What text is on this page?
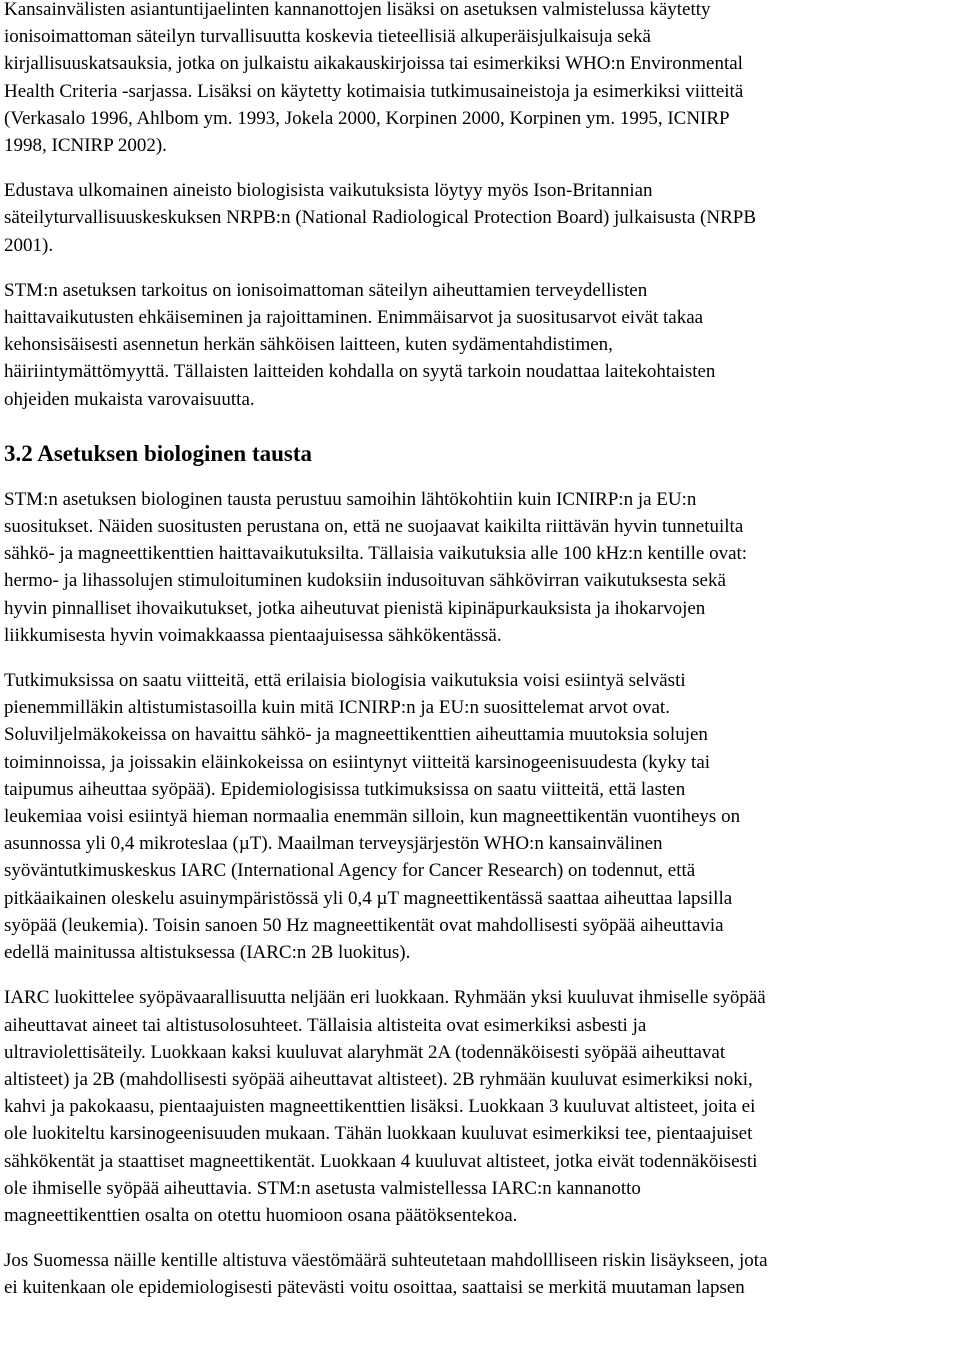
Kansainvälisten asiantuntijaelinten kannanottojen lisäksi on asetuksen valmistelussa käytetty
ionisoimattoman säteilyn turvallisuutta koskevia tieteellisiä alkuperäisjulkaisuja sekä
kirjallisuuskatsauksia, jotka on julkaistu aikakauskirjoissa tai esimerkiksi WHO:n Environmental
Health Criteria -sarjassa. Lisäksi on käytetty kotimaisia tutkimusaineistoja ja esimerkiksi viitteitä
(Verkasalo 1996, Ahlbom ym. 1993, Jokela 2000, Korpinen 2000, Korpinen ym. 1995, ICNIRP
1998, ICNIRP 2002).

Edustava ulkomainen aineisto biologisista vaikutuksista löytyy myös Ison-Britannian
säteilyturvallisuuskeskuksen NRPB:n (National Radiological Protection Board) julkaisusta (NRPB
2001).

STM:n asetuksen tarkoitus on ionisoimattoman säteilyn aiheuttamien terveydellisten
haittavaikutusten ehkäiseminen ja rajoittaminen. Enimmäisarvot ja suositusarvot eivät takaa
kehonsisäisesti asennetun herkän sähköisen laitteen, kuten sydämentahdistimen,
häiriintymättömyyttä. Tällaisten laitteiden kohdalla on syytä tarkoin noudattaa laitekohtaisten
ohjeiden mukaista varovaisuutta.

3.2 Asetuksen biologinen tausta

STM:n asetuksen biologinen tausta perustuu samoihin lähtökohtiin kuin ICNIRP:n ja EU:n
suositukset. Näiden suositusten perustana on, että ne suojaavat kaikilta riittävän hyvin tunnetuilta
sähkö- ja magneettikenttien haittavaikutuksilta. Tällaisia vaikutuksia alle 100 kHz:n kentille ovat:
hermo- ja lihassolujen stimuloituminen kudoksiin indusoituvan sähkövirran vaikutuksesta sekä
hyvin pinnalliset ihovaikutukset, jotka aiheutuvat pienistä kipinäpurkauksista ja ihokarvojen
liikkumisesta hyvin voimakkaassa pientaajuisessa sähkökentässä.

Tutkimuksissa on saatu viitteitä, että erilaisia biologisia vaikutuksia voisi esiintyä selvästi
pienemmilläkin altistumistasoilla kuin mitä ICNIRP:n ja EU:n suosittelemat arvot ovat.
Soluviljelmäkokeissa on havaittu sähkö- ja magneettikenttien aiheuttamia muutoksia solujen
toiminnoissa, ja joissakin eläinkokeissa on esiintynyt viitteitä karsinogeenisuudesta (kyky tai
taipumus aiheuttaa syöpää). Epidemiologisissa tutkimuksissa on saatu viitteitä, että lasten
leukemiaa voisi esiintyä hieman normaalia enemmän silloin, kun magneettikentän vuontiheys on
asunnossa yli 0,4 mikroteslaa (µT). Maailman terveysjärjestön WHO:n kansainvälinen
syöväntutkimuskeskus IARC (International Agency for Cancer Research) on todennut, että
pitkäaikainen oleskelu asuinympäristössä yli 0,4 µT magneettikentässä saattaa aiheuttaa lapsilla
syöpää (leukemia). Toisin sanoen 50 Hz magneettikentät ovat mahdollisesti syöpää aiheuttavia
edellä mainitussa altistuksessa (IARC:n 2B luokitus).

IARC luokittelee syöpävaarallisuutta neljään eri luokkaan. Ryhmään yksi kuuluvat ihmiselle syöpää
aiheuttavat aineet tai altistusolosuhteet. Tällaisia altisteita ovat esimerkiksi asbesti ja
ultraviolettisäteily. Luokkaan kaksi kuuluvat alaryhmät 2A (todennäköisesti syöpää aiheuttavat
altisteet) ja 2B (mahdollisesti syöpää aiheuttavat altisteet). 2B ryhmään kuuluvat esimerkiksi noki,
kahvi ja pakokaasu, pientaajuisten magneettikenttien lisäksi. Luokkaan 3 kuuluvat altisteet, joita ei
ole luokiteltu karsinogeenisuuden mukaan. Tähän luokkaan kuuluvat esimerkiksi tee, pientaajuiset
sähkökentät ja staattiset magneettikentät. Luokkaan 4 kuuluvat altisteet, jotka eivät todennäköisesti
ole ihmiselle syöpää aiheuttavia. STM:n asetusta valmistellessa IARC:n kannanotto
magneettikenttien osalta on otettu huomioon osana päätöksentekoa.

Jos Suomessa näille kentille altistuva väestömäärä suhteutetaan mahdollliseen riskin lisäykseen, jota
ei kuitenkaan ole epidemiologisesti pätevästi voitu osoittaa, saattaisi se merkitä muutaman lapsen
